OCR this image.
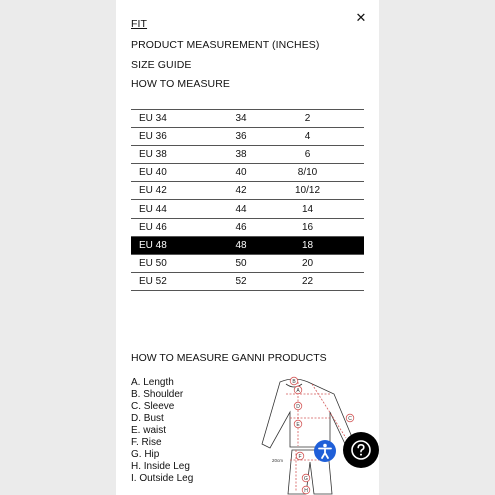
✕
FIT
PRODUCT MEASUREMENT (INCHES)
SIZE GUIDE
HOW TO MEASURE
EU 34	34	2
EU 36	36	4
EU 38	38	6
EU 40	40	8/10
EU 42	42	10/12
EU 44	44	14
EU 46	46	16
EU 48	48	18
EU 50	50	20
EU 52	52	22
HOW TO MEASURE GANNI PRODUCTS
A. Length
B. Shoulder
C. Sleeve
D. Bust
E. waist
F. Rise
G. Hip
H. Inside Leg
I. Outside Leg
B
A
D
E
C
G
F
H
20cm
